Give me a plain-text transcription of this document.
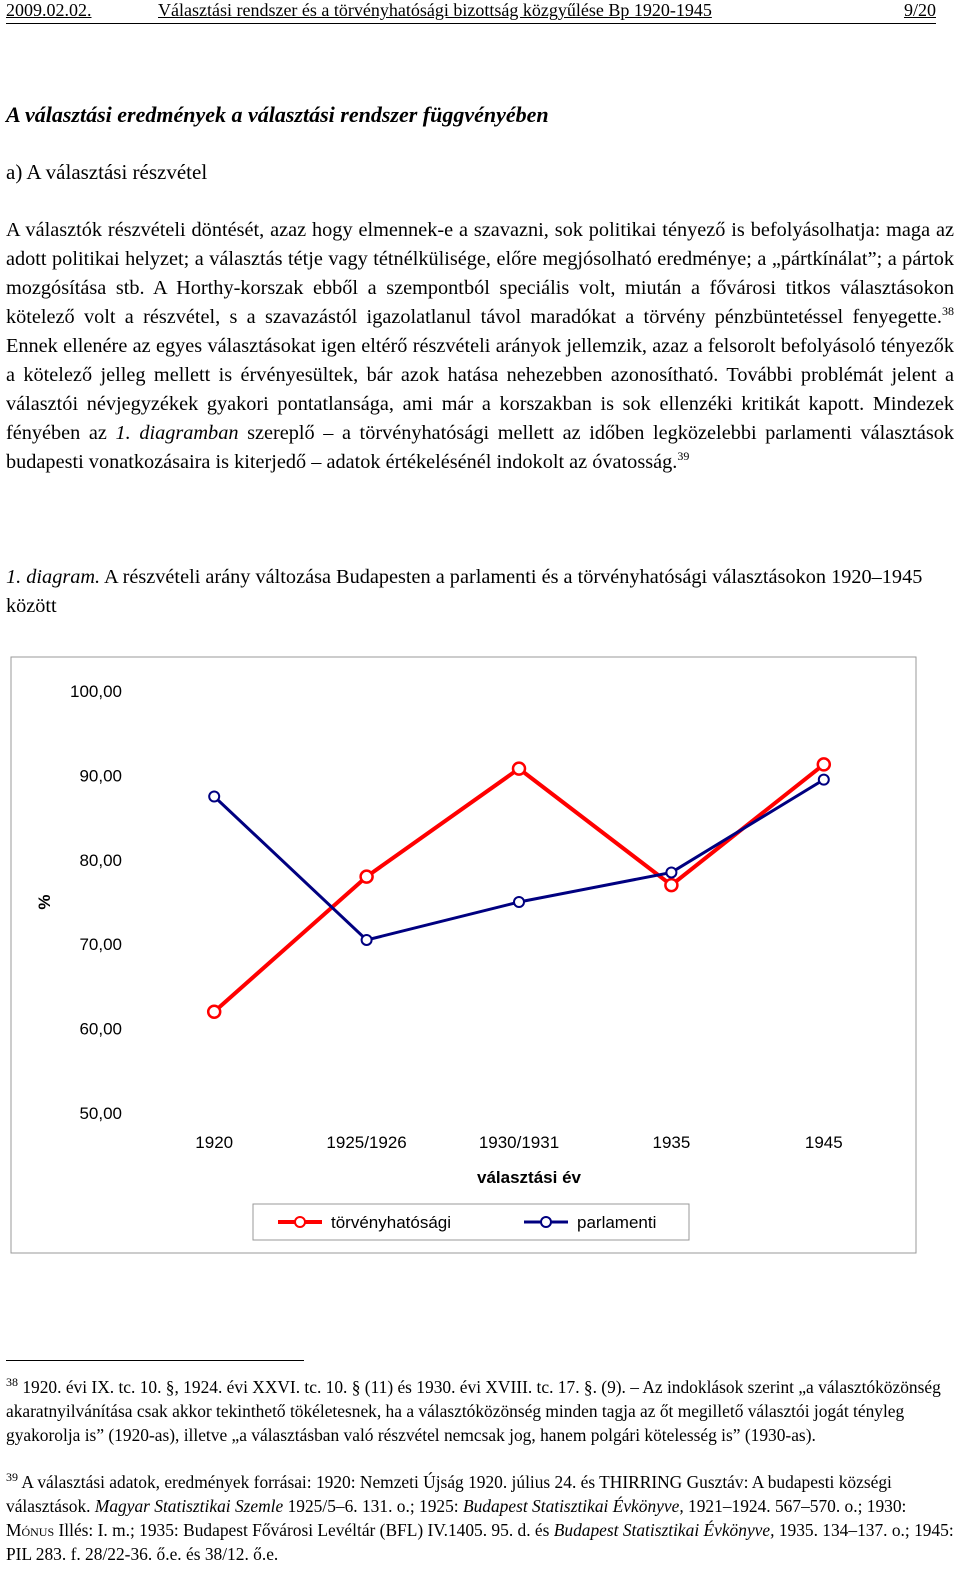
2009.02.02.	Választási rendszer és a törvényhatósági bizottság közgyűlése Bp 1920-1945	9/20
A választási eredmények a választási rendszer függvényében
a) A választási részvétel
A választók részvételi döntését, azaz hogy elmennek-e a szavazni, sok politikai tényező is befolyásolhatja: maga az adott politikai helyzet; a választás tétje vagy tétnélkülisége, előre megjósolható eredménye; a „pártkínálat”; a pártok mozgósítása stb. A Horthy-korszak ebből a szempontból speciális volt, miután a fővárosi titkos választásokon kötelező volt a részvétel, s a szavazástól igazolatlanul távol maradókat a törvény pénzbüntetéssel fenyegette.$^{38}$ Ennek ellenére az egyes választásokat igen eltérő részvételi arányok jellemzik, azaz a felsorolt befolyásoló tényezők a kötelező jelleg mellett is érvényesültek, bár azok hatása nehezebben azonosítható. További problémát jelent a választói névjegyzékek gyakori pontatlansága, ami már a korszakban is sok ellenzéki kritikát kapott. Mindezek fényében az 1. diagramban szereplő – a törvényhatósági mellett az időben legközelebbi parlamenti választások budapesti vonatkozásaira is kiterjedő – adatok értékelésénél indokolt az óvatosság.$^{39}$
1. diagram. A részvételi arány változása Budapesten a parlamenti és a törvényhatósági választásokon 1920–1945 között
100,00
90,00
80,00
70,00
60,00
50,00
1920	1925/1926	1930/1931	1935	1945
választási év
%
törvényhatósági	parlamenti
$^{38}$ 1920. évi IX. tc. 10. §, 1924. évi XXVI. tc. 10. § (11) és 1930. évi XVIII. tc. 17. §. (9). – Az indoklások szerint „a választóközönség akaratnyilvánítása csak akkor tekinthető tökéletesnek, ha a választóközönség minden tagja az őt megillető választói jogát tényleg gyakorolja is” (1920-as), illetve „a választásban való részvétel nemcsak jog, hanem polgári kötelesség is” (1930-as).
$^{39}$ A választási adatok, eredmények forrásai: 1920: Nemzeti Újság 1920. július 24. és THIRRING Gusztáv: A budapesti községi választások. Magyar Statisztikai Szemle 1925/5–6. 131. o.; 1925: Budapest Statisztikai Évkönyve, 1921–1924. 567–570. o.; 1930: Mónus Illés: I. m.; 1935: Budapest Fővárosi Levéltár (BFL) IV.1405. 95. d. és Budapest Statisztikai Évkönyve, 1935. 134–137. o.; 1945: PIL 283. f. 28/22-36. ő.e. és 38/12. ő.e.
